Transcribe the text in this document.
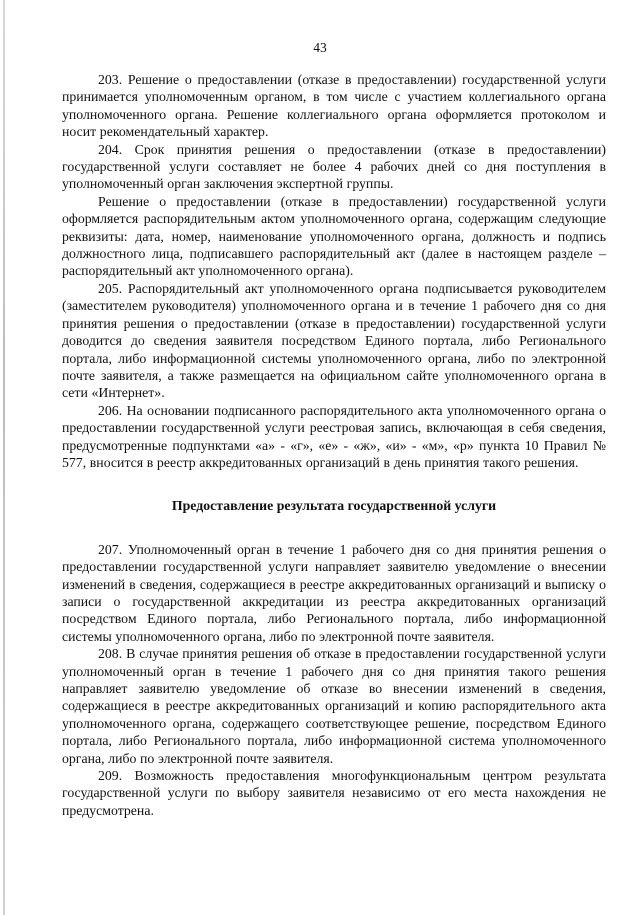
43

203. Решение о предоставлении (отказе в предоставлении) государственной услуги принимается уполномоченным органом, в том числе с участием коллегиального органа уполномоченного органа. Решение коллегиального органа оформляется протоколом и носит рекомендательный характер.

204. Срок принятия решения о предоставлении (отказе в предоставлении) государственной услуги составляет не более 4 рабочих дней со дня поступления в уполномоченный орган заключения экспертной группы.

Решение о предоставлении (отказе в предоставлении) государственной услуги оформляется распорядительным актом уполномоченного органа, содержащим следующие реквизиты: дата, номер, наименование уполномоченного органа, должность и подпись должностного лица, подписавшего распорядительный акт (далее в настоящем разделе – распорядительный акт уполномоченного органа).

205. Распорядительный акт уполномоченного органа подписывается руководителем (заместителем руководителя) уполномоченного органа и в течение 1 рабочего дня со дня принятия решения о предоставлении (отказе в предоставлении) государственной услуги доводится до сведения заявителя посредством Единого портала, либо Регионального портала, либо информационной системы уполномоченного органа, либо по электронной почте заявителя, а также размещается на официальном сайте уполномоченного органа в сети «Интернет».

206. На основании подписанного распорядительного акта уполномоченного органа о предоставлении государственной услуги реестровая запись, включающая в себя сведения, предусмотренные подпунктами «а» - «г», «е» - «ж», «и» - «м», «р» пункта 10 Правил № 577, вносится в реестр аккредитованных организаций в день принятия такого решения.

Предоставление результата государственной услуги

207. Уполномоченный орган в течение 1 рабочего дня со дня принятия решения о предоставлении государственной услуги направляет заявителю уведомление о внесении изменений в сведения, содержащиеся в реестре аккредитованных организаций и выписку о записи о государственной аккредитации из реестра аккредитованных организаций посредством Единого портала, либо Регионального портала, либо информационной системы уполномоченного органа, либо по электронной почте заявителя.

208. В случае принятия решения об отказе в предоставлении государственной услуги уполномоченный орган в течение 1 рабочего дня со дня принятия такого решения направляет заявителю уведомление об отказе во внесении изменений в сведения, содержащиеся в реестре аккредитованных организаций и копию распорядительного акта уполномоченного органа, содержащего соответствующее решение, посредством Единого портала, либо Регионального портала, либо информационной система уполномоченного органа, либо по электронной почте заявителя.

209. Возможность предоставления многофункциональным центром результата государственной услуги по выбору заявителя независимо от его места нахождения не предусмотрена.
